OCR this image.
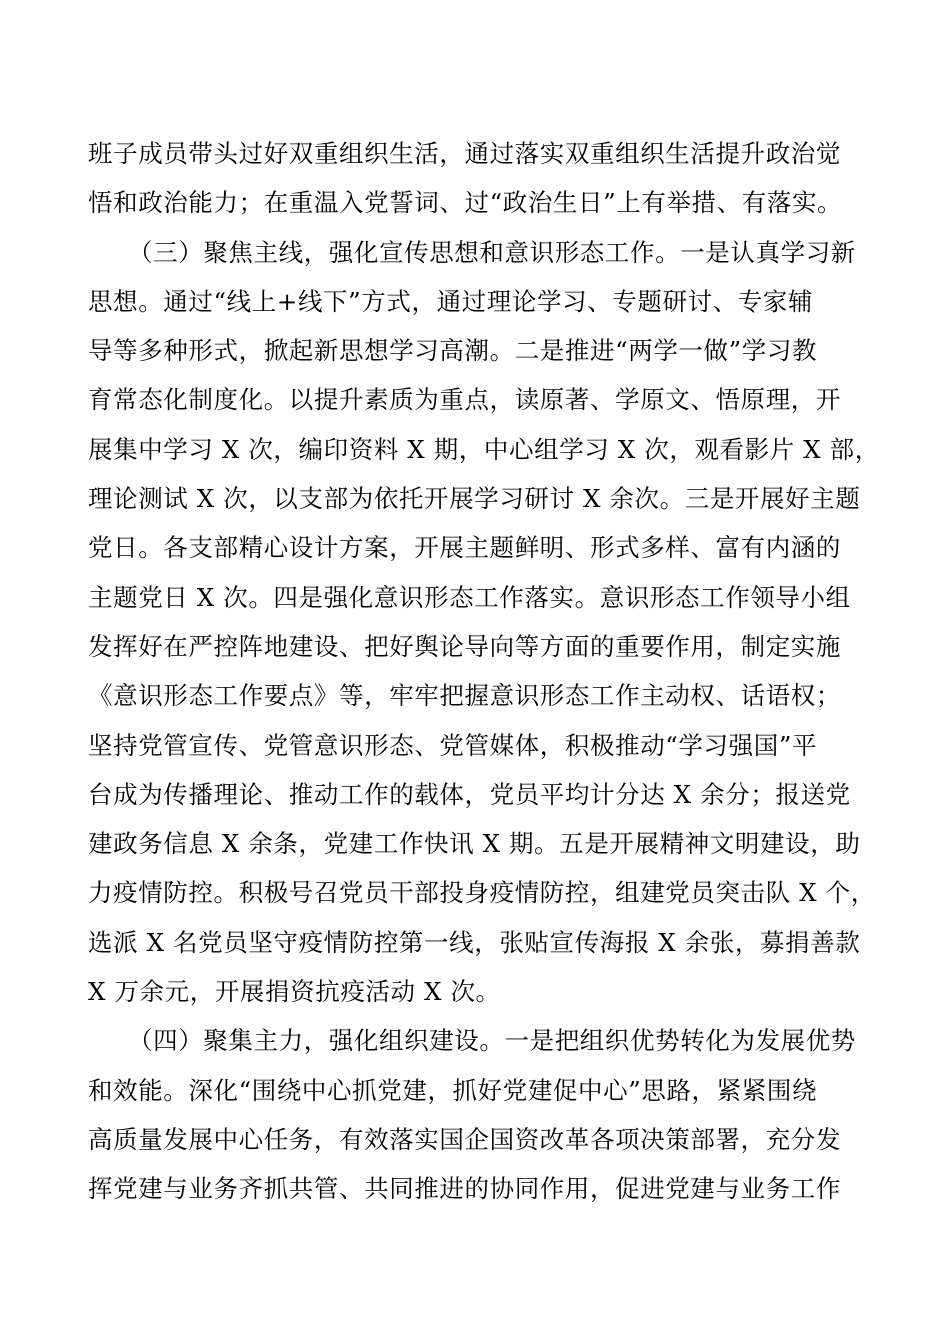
班子成员带头过好双重组织生活，通过落实双重组织生活提升政治觉
悟和政治能力；在重温入党誓词、过“政治生日”上有举措、有落实。
（三）聚焦主线，强化宣传思想和意识形态工作。一是认真学习新
思想。通过“线上+线下”方式，通过理论学习、专题研讨、专家辅
导等多种形式，掀起新思想学习高潮。二是推进“两学一做”学习教
育常态化制度化。以提升素质为重点，读原著、学原文、悟原理，开
展集中学习 X 次，编印资料 X 期，中心组学习 X 次，观看影片 X 部，
理论测试 X 次，以支部为依托开展学习研讨 X 余次。三是开展好主题
党日。各支部精心设计方案，开展主题鲜明、形式多样、富有内涵的
主题党日 X 次。四是强化意识形态工作落实。意识形态工作领导小组
发挥好在严控阵地建设、把好舆论导向等方面的重要作用，制定实施
《意识形态工作要点》等，牢牢把握意识形态工作主动权、话语权；
坚持党管宣传、党管意识形态、党管媒体，积极推动“学习强国”平
台成为传播理论、推动工作的载体，党员平均计分达 X 余分；报送党
建政务信息 X 余条，党建工作快讯 X 期。五是开展精神文明建设，助
力疫情防控。积极号召党员干部投身疫情防控，组建党员突击队 X 个，
选派 X 名党员坚守疫情防控第一线，张贴宣传海报 X 余张，募捐善款
X 万余元，开展捐资抗疫活动 X 次。
（四）聚集主力，强化组织建设。一是把组织优势转化为发展优势
和效能。深化“围绕中心抓党建，抓好党建促中心”思路，紧紧围绕
高质量发展中心任务，有效落实国企国资改革各项决策部署，充分发
挥党建与业务齐抓共管、共同推进的协同作用，促进党建与业务工作
